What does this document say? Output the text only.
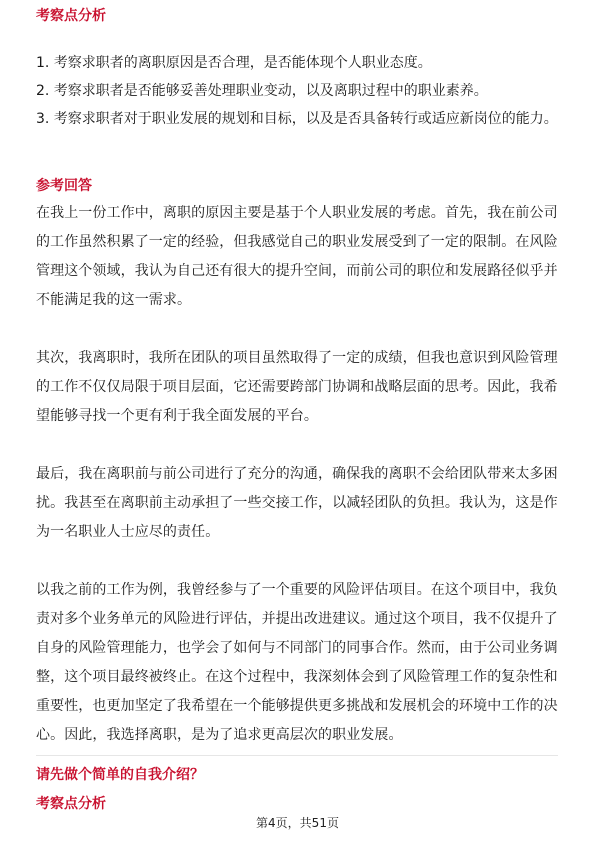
考察点分析

1. 考察求职者的离职原因是否合理，是否能体现个人职业态度。

2. 考察求职者是否能够妥善处理职业变动，以及离职过程中的职业素养。

3. 考察求职者对于职业发展的规划和目标，以及是否具备转行或适应新岗位的能力。

参考回答

在我上一份工作中，离职的原因主要是基于个人职业发展的考虑。首先，我在前公司的工作虽然积累了一定的经验，但我感觉自己的职业发展受到了一定的限制。在风险管理这个领域，我认为自己还有很大的提升空间，而前公司的职位和发展路径似乎并不能满足我的这一需求。

其次，我离职时，我所在团队的项目虽然取得了一定的成绩，但我也意识到风险管理的工作不仅仅局限于项目层面，它还需要跨部门协调和战略层面的思考。因此，我希望能够寻找一个更有利于我全面发展的平台。

最后，我在离职前与前公司进行了充分的沟通，确保我的离职不会给团队带来太多困扰。我甚至在离职前主动承担了一些交接工作，以减轻团队的负担。我认为，这是作为一名职业人士应尽的责任。

以我之前的工作为例，我曾经参与了一个重要的风险评估项目。在这个项目中，我负责对多个业务单元的风险进行评估，并提出改进建议。通过这个项目，我不仅提升了自身的风险管理能力，也学会了如何与不同部门的同事合作。然而，由于公司业务调整，这个项目最终被终止。在这个过程中，我深刻体会到了风险管理工作的复杂性和重要性，也更加坚定了我希望在一个能够提供更多挑战和发展机会的环境中工作的决心。因此，我选择离职，是为了追求更高层次的职业发展。

请先做个简单的自我介绍？
考察点分析
第4页，共51页
